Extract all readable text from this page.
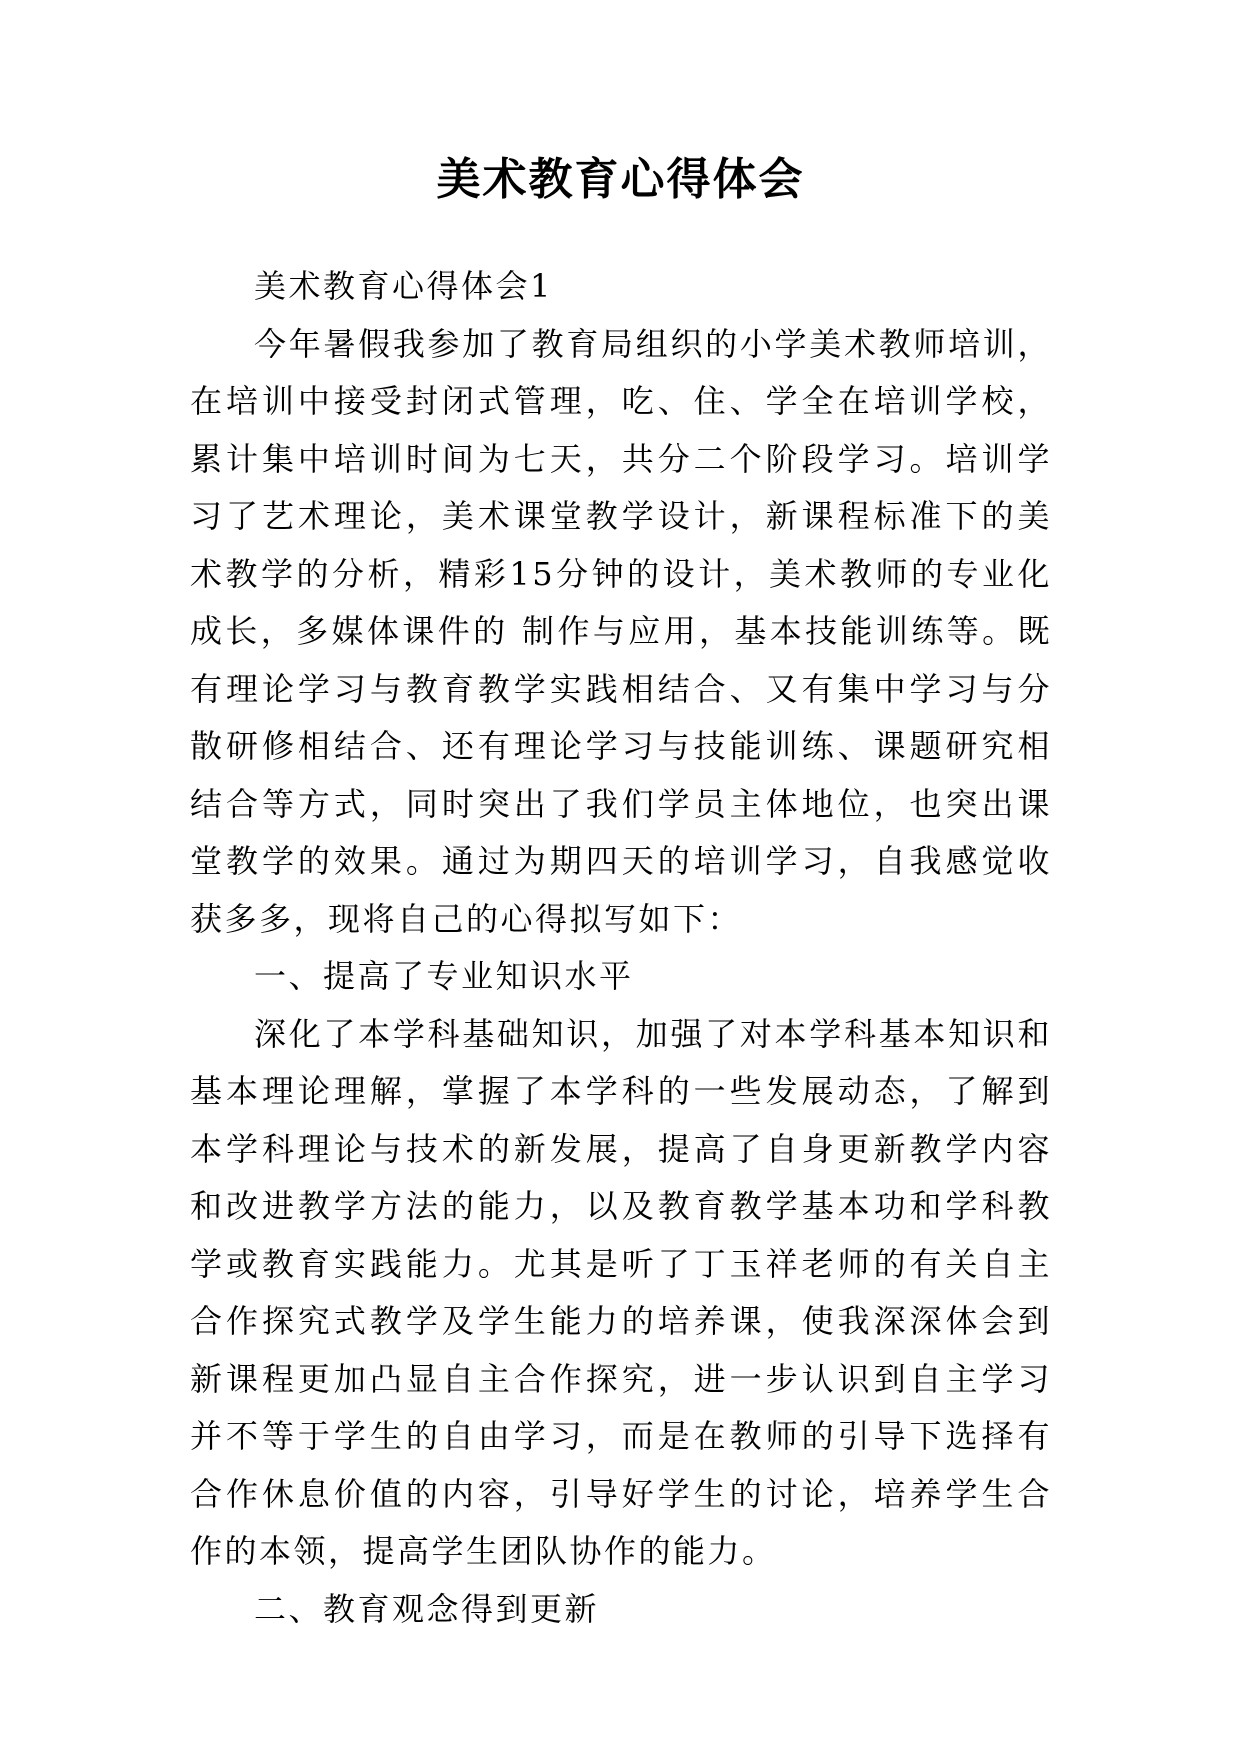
美术教育心得体会

美术教育心得体会1

今年暑假我参加了教育局组织的小学美术教师培训，在培训中接受封闭式管理，吃、住、学全在培训学校，累计集中培训时间为七天，共分二个阶段学习。培训学习了艺术理论，美术课堂教学设计，新课程标准下的美术教学的分析，精彩15分钟的设计，美术教师的专业化成长，多媒体课件的 制作与应用，基本技能训练等。既有理论学习与教育教学实践相结合、又有集中学习与分散研修相结合、还有理论学习与技能训练、课题研究相结合等方式，同时突出了我们学员主体地位，也突出课堂教学的效果。通过为期四天的培训学习，自我感觉收获多多，现将自己的心得拟写如下：

一、提高了专业知识水平

深化了本学科基础知识，加强了对本学科基本知识和基本理论理解，掌握了本学科的一些发展动态，了解到本学科理论与技术的新发展，提高了自身更新教学内容和改进教学方法的能力，以及教育教学基本功和学科教学或教育实践能力。尤其是听了丁玉祥老师的有关自主合作探究式教学及学生能力的培养课，使我深深体会到新课程更加凸显自主合作探究，进一步认识到自主学习并不等于学生的自由学习，而是在教师的引导下选择有合作休息价值的内容，引导好学生的讨论，培养学生合作的本领，提高学生团队协作的能力。

二、教育观念得到更新
